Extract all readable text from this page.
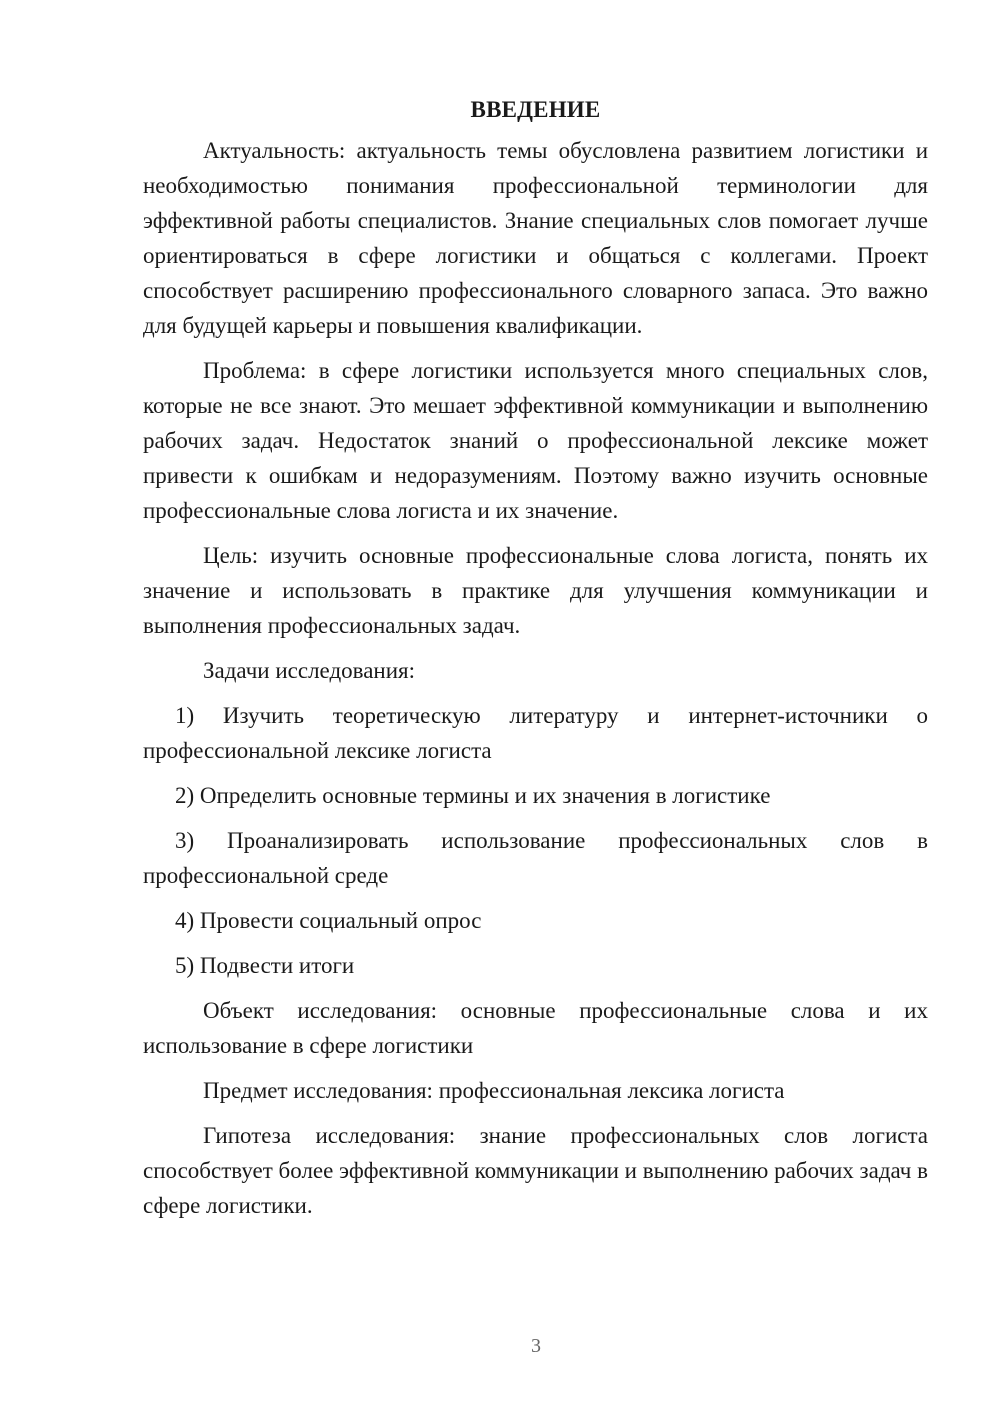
ВВЕДЕНИЕ

Актуальность: актуальность темы обусловлена развитием логистики и необходимостью понимания профессиональной терминологии для эффективной работы специалистов. Знание специальных слов помогает лучше ориентироваться в сфере логистики и общаться с коллегами. Проект способствует расширению профессионального словарного запаса. Это важно для будущей карьеры и повышения квалификации.

Проблема: в сфере логистики используется много специальных слов, которые не все знают. Это мешает эффективной коммуникации и выполнению рабочих задач. Недостаток знаний о профессиональной лексике может привести к ошибкам и недоразумениям. Поэтому важно изучить основные профессиональные слова логиста и их значение.

Цель: изучить основные профессиональные слова логиста, понять их значение и использовать в практике для улучшения коммуникации и выполнения профессиональных задач.

Задачи исследования:

1) Изучить теоретическую литературу и интернет-источники о профессиональной лексике логиста

2) Определить основные термины и их значения в логистике

3) Проанализировать использование профессиональных слов в профессиональной среде

4) Провести социальный опрос

5) Подвести итоги

Объект исследования: основные профессиональные слова и их использование в сфере логистики

Предмет исследования: профессиональная лексика логиста

Гипотеза исследования: знание профессиональных слов логиста способствует более эффективной коммуникации и выполнению рабочих задач в сфере логистики.

3
